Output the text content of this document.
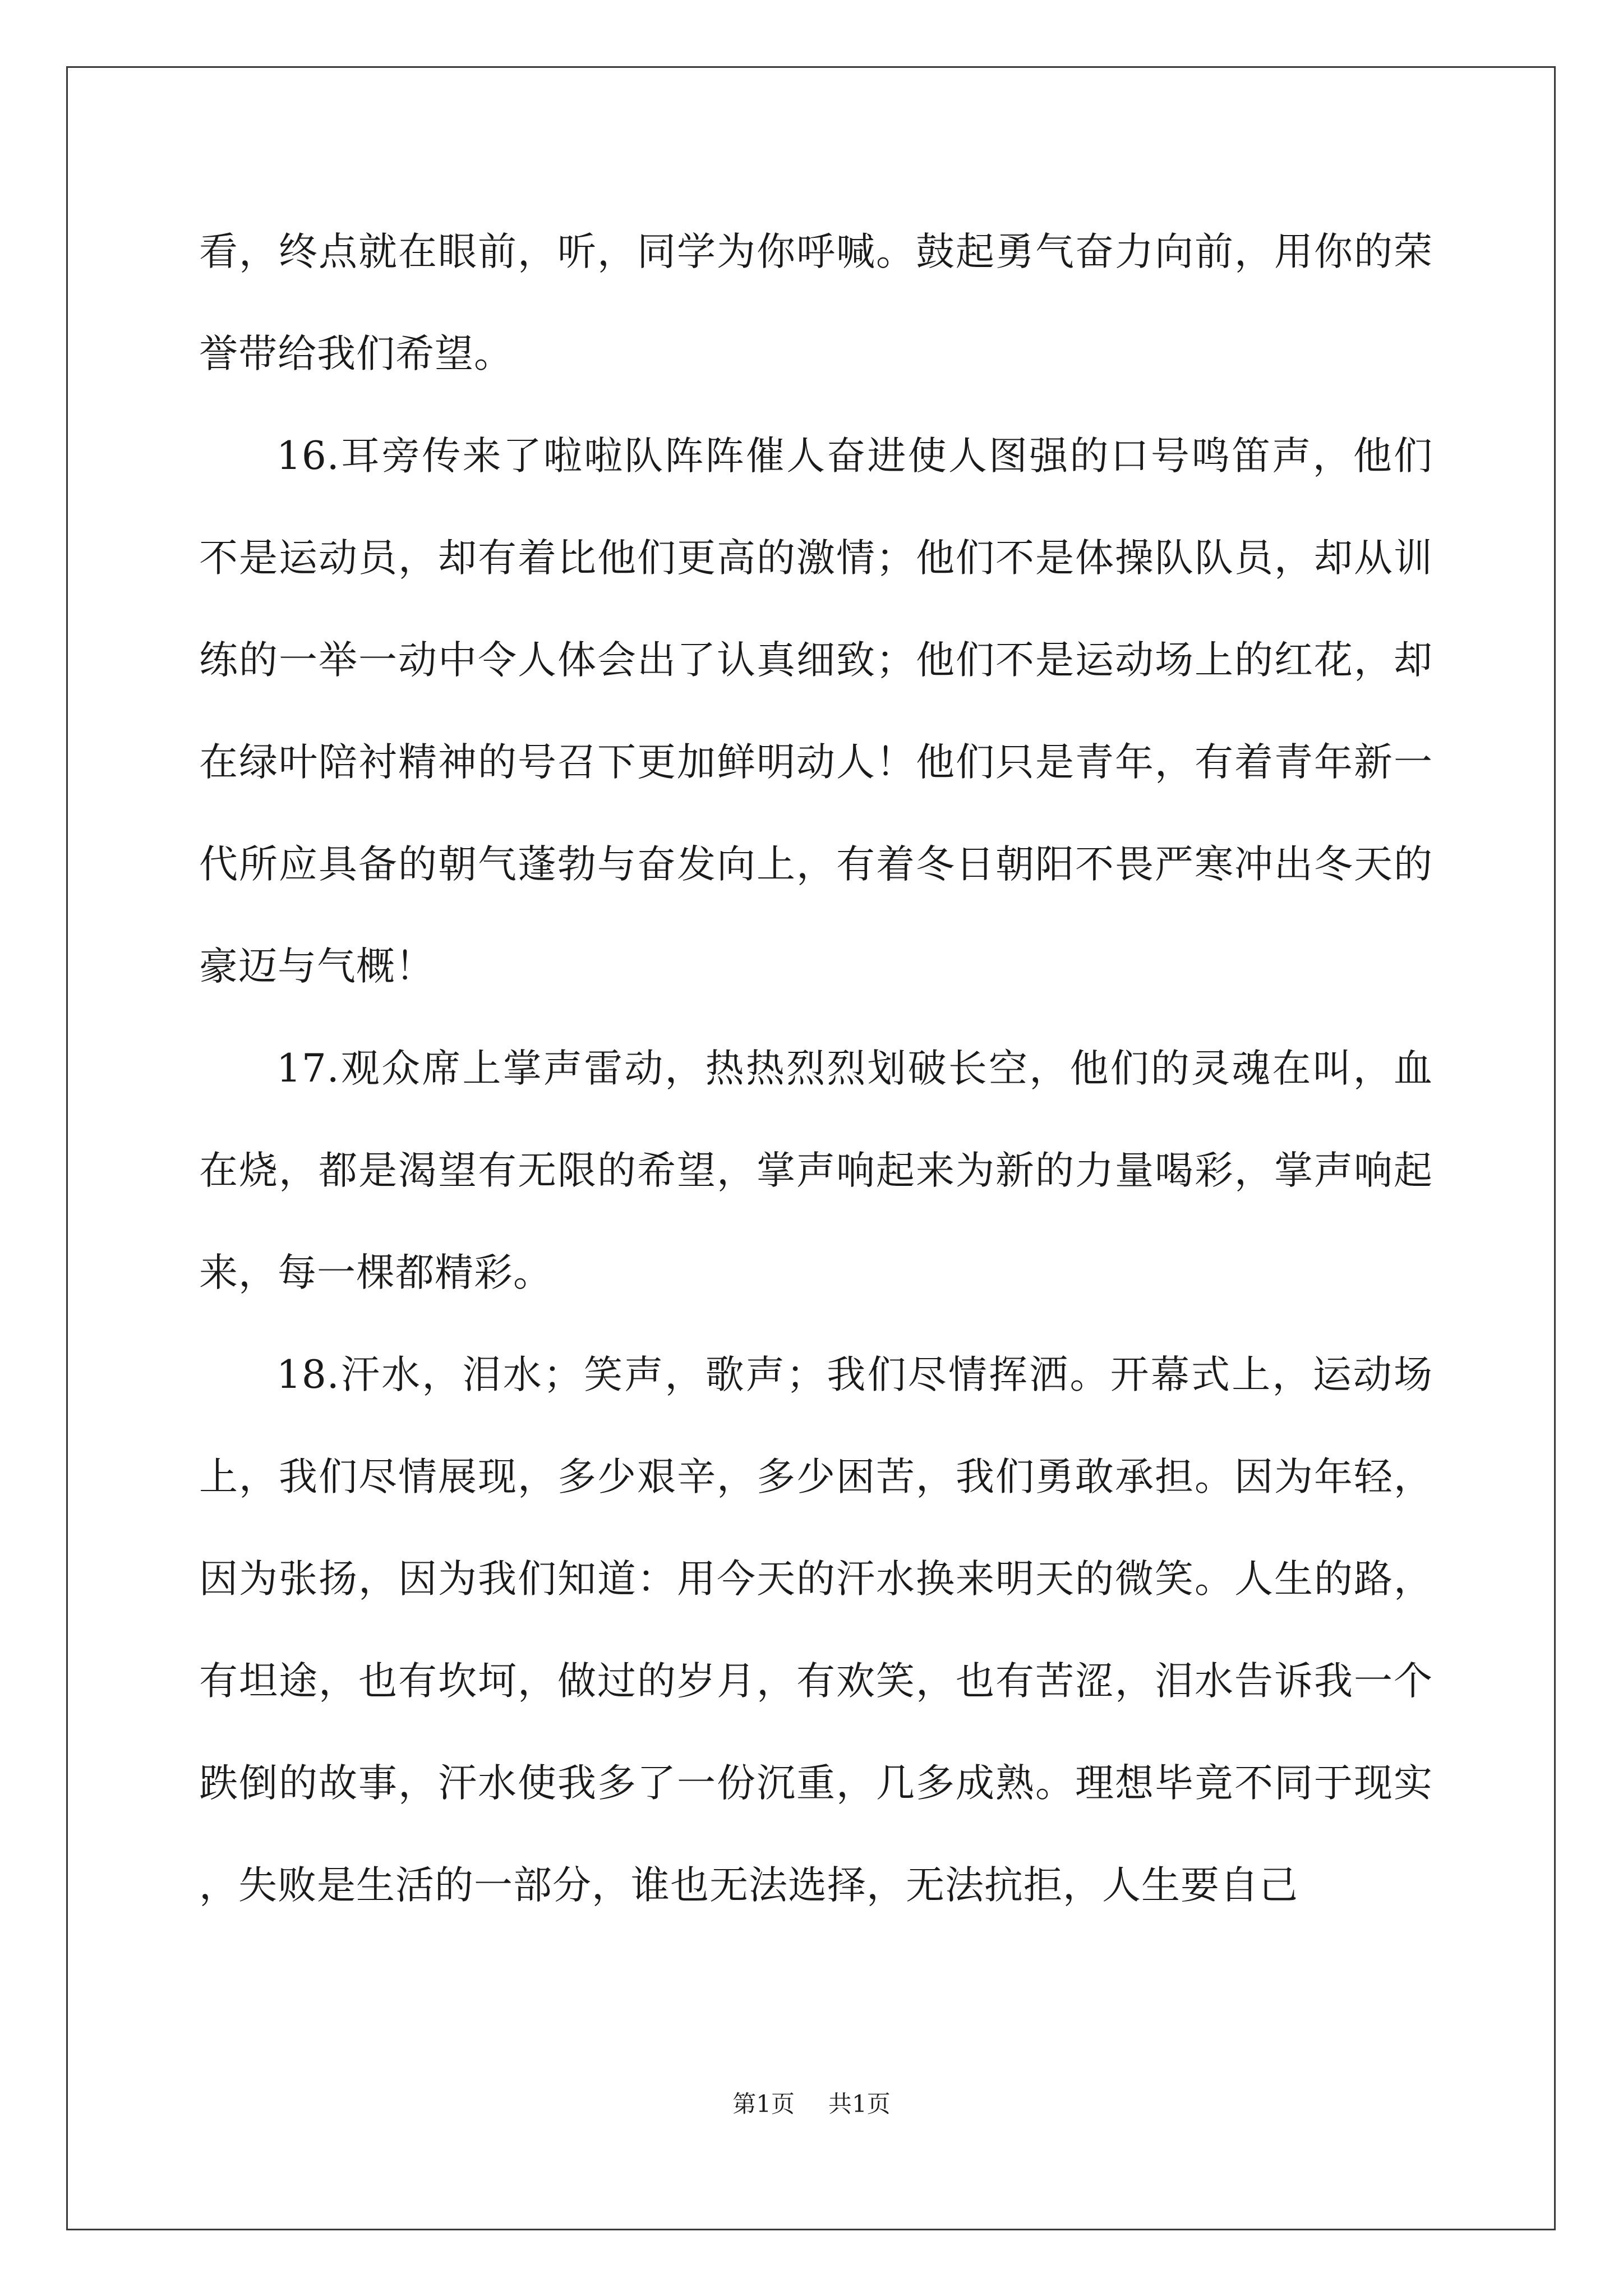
看，终点就在眼前，听，同学为你呼喊。鼓起勇气奋力向前，用你的荣誉带给我们希望。

16.耳旁传来了啦啦队阵阵催人奋进使人图强的口号鸣笛声，他们不是运动员，却有着比他们更高的激情；他们不是体操队队员，却从训练的一举一动中令人体会出了认真细致；他们不是运动场上的红花，却在绿叶陪衬精神的号召下更加鲜明动人！他们只是青年，有着青年新一代所应具备的朝气蓬勃与奋发向上，有着冬日朝阳不畏严寒冲出冬天的豪迈与气概！

17.观众席上掌声雷动，热热烈烈划破长空，他们的灵魂在叫，血在烧，都是渴望有无限的希望，掌声响起来为新的力量喝彩，掌声响起来，每一棵都精彩。

18.汗水，泪水；笑声，歌声；我们尽情挥洒。开幕式上，运动场上，我们尽情展现，多少艰辛，多少困苦，我们勇敢承担。因为年轻，因为张扬，因为我们知道：用今天的汗水换来明天的微笑。人生的路，有坦途，也有坎坷，做过的岁月，有欢笑，也有苦涩，泪水告诉我一个跌倒的故事，汗水使我多了一份沉重，几多成熟。理想毕竟不同于现实，失败是生活的一部分，谁也无法选择，无法抗拒，人生要自己

第1页 共1页
